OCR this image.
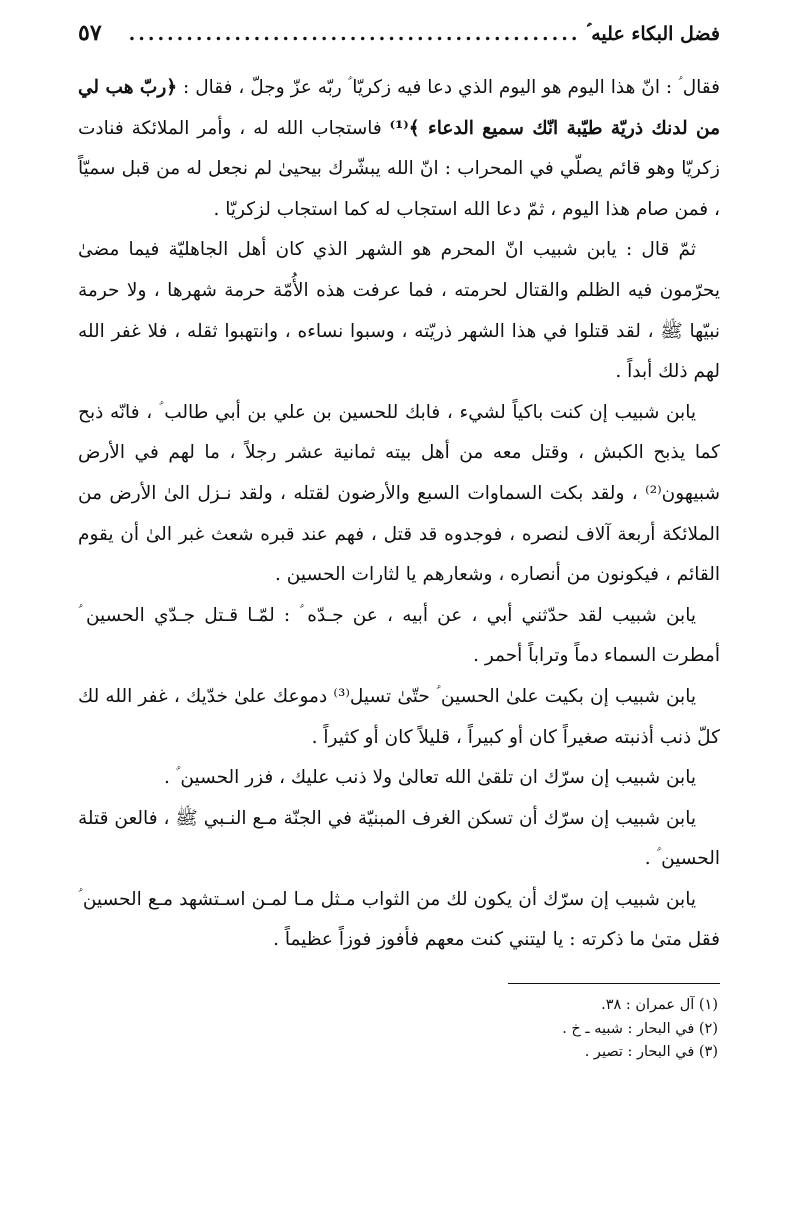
فضل البكاء عليه ؑ
...............................................
٥٧

فقال ؑ : انّ هذا اليوم هو اليوم الذي دعا فيه زكريّا ؑ ربّه عزّ وجلّ ، فقال : ﴿ربّ هب لي من لدنك ذريّة طيّبة انّك سميع الدعاء ﴾⁽¹⁾ فاستجاب الله له ، وأمر الملائكة فنادت زكريّا وهو قائم يصلّي في المحراب : انّ الله يبشّرك بيحيىٰ لم نجعل له من قبل سميّاً ، فمن صام هذا اليوم ، ثمّ دعا الله استجاب له كما استجاب لزكريّا .

ثمّ قال : يابن شبيب انّ المحرم هو الشهر الذي كان أهل الجاهليّة فيما مضىٰ يحرّمون فيه الظلم والقتال لحرمته ، فما عرفت هذه الأُمّة حرمة شهرها ، ولا حرمة نبيّها ﷺ ، لقد قتلوا في هذا الشهر ذريّته ، وسبوا نساءه ، وانتهبوا ثقله ، فلا غفر الله لهم ذلك أبداً .

يابن شبيب إن كنت باكياً لشيء ، فابك للحسين بن علي بن أبي طالب ؑ ، فانّه ذبح كما يذبح الكبش ، وقتل معه من أهل بيته ثمانية عشر رجلاً ، ما لهم في الأرض شبيهون⁽²⁾ ، ولقد بكت السماوات السبع والأرضون لقتله ، ولقد نـزل الىٰ الأرض من الملائكة أربعة آلاف لنصره ، فوجدوه قد قتل ، فهم عند قبره شعث غبر الىٰ أن يقوم القائم ، فيكونون من أنصاره ، وشعارهم يا لثارات الحسين .

يابن شبيب لقد حدّثني أبي ، عن أبيه ، عن جـدّه ؑ : لمّـا قـتل جـدّي الحسين ؑ أمطرت السماء دماً وتراباً أحمر .

يابن شبيب إن بكيت علىٰ الحسين ؑ حتّىٰ تسيل⁽³⁾ دموعك علىٰ خدّيك ، غفر الله لك كلّ ذنب أذنبته صغيراً كان أو كبيراً ، قليلاً كان أو كثيراً .

يابن شبيب إن سرّك ان تلقىٰ الله تعالىٰ ولا ذنب عليك ، فزر الحسين ؑ .

يابن شبيب إن سرّك أن تسكن الغرف المبنيّة في الجنّة مـع النـبي ﷺ ، فالعن قتلة الحسين ؑ .

يابن شبيب إن سرّك أن يكون لك من الثواب مـثل مـا لمـن اسـتشهد مـع الحسين ؑ فقل متىٰ ما ذكرته : يا ليتني كنت معهم فأفوز فوزاً عظيماً .

(١) آل عمران : ٣٨.

(٢) في البحار : شبيه ـ خ .

(٣) في البحار : تصير .
